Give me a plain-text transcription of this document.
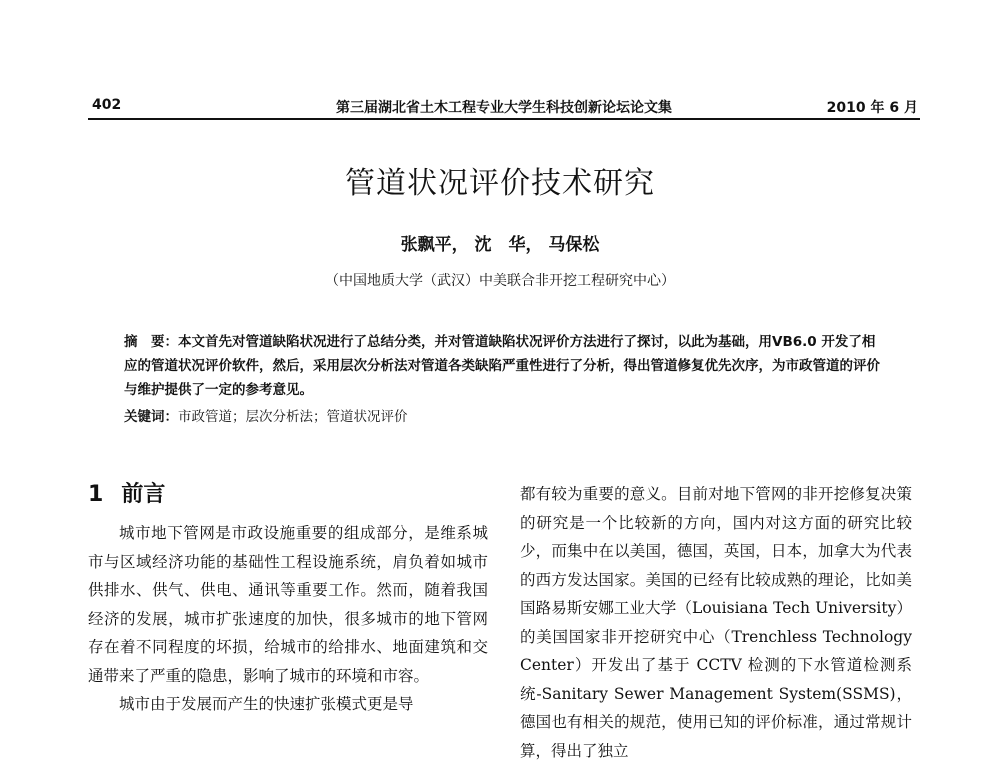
402	第三届湖北省土木工程专业大学生科技创新论坛论文集	2010 年 6 月
管道状况评价技术研究
张飘平， 沈　华， 马保松
（中国地质大学（武汉）中美联合非开挖工程研究中心）
摘　要：本文首先对管道缺陷状况进行了总结分类，并对管道缺陷状况评价方法进行了探讨，以此为基础，用VB6.0 开发了相应的管道状况评价软件，然后，采用层次分析法对管道各类缺陷严重性进行了分析，得出管道修复优先次序，为市政管道的评价与维护提供了一定的参考意见。
关键词：市政管道；层次分析法；管道状况评价
1 前言

城市地下管网是市政设施重要的组成部分，是维系城市与区域经济功能的基础性工程设施系统，肩负着如城市供排水、供气、供电、通讯等重要工作。然而，随着我国经济的发展，城市扩张速度的加快，很多城市的地下管网存在着不同程度的坏损，给城市的给排水、地面建筑和交通带来了严重的隐患，影响了城市的环境和市容。

城市由于发展而产生的快速扩张模式更是导

都有较为重要的意义。目前对地下管网的非开挖修复决策的研究是一个比较新的方向，国内对这方面的研究比较少，而集中在以美国，德国，英国，日本，加拿大为代表的西方发达国家。美国的已经有比较成熟的理论，比如美国路易斯安娜工业大学（Louisiana Tech University）的美国国家非开挖研究中心（Trenchless Technology Center）开发出了基于 CCTV 检测的下水管道检测系统-Sanitary Sewer Management System(SSMS)，德国也有相关的规范，使用已知的评价标准，通过常规计算，得出了独立
